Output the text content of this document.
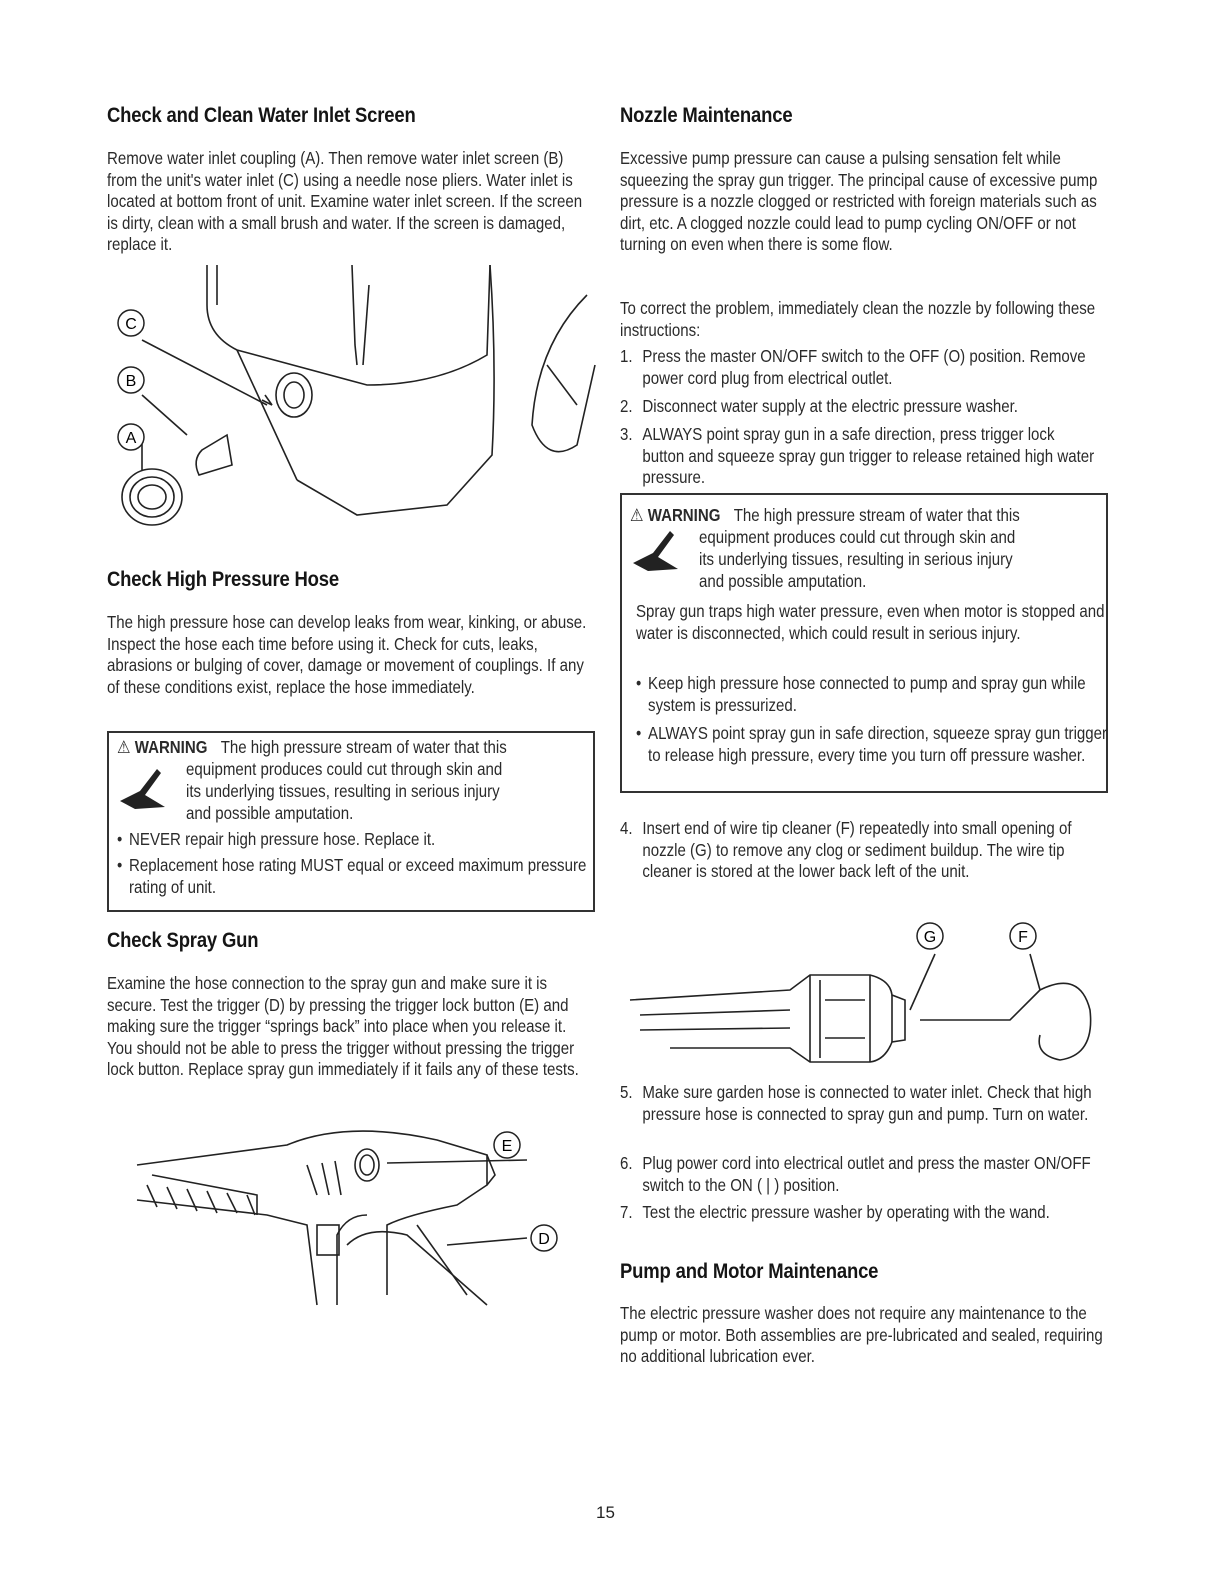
Check and Clean Water Inlet Screen

Remove water inlet coupling (A). Then remove water inlet screen (B) from the unit's water inlet (C) using a needle nose pliers. Water inlet is located at bottom front of unit. Examine water inlet screen. If the screen is dirty, clean with a small brush and water. If the screen is damaged, replace it.

C
B
A
Check High Pressure Hose

The high pressure hose can develop leaks from wear, kinking, or abuse. Inspect the hose each time before using it. Check for cuts, leaks, abrasions or bulging of cover, damage or movement of couplings. If any of these conditions exist, replace the hose immediately.

⚠ WARNING The high pressure stream of water that this
equipment produces could cut through skin and
its underlying tissues, resulting in serious injury
and possible amputation.
• NEVER repair high pressure hose. Replace it.
• Replacement hose rating MUST equal or exceed maximum pressure rating of unit.
Check Spray Gun

Examine the hose connection to the spray gun and make sure it is secure. Test the trigger (D) by pressing the trigger lock button (E) and making sure the trigger “springs back” into place when you release it. You should not be able to press the trigger without pressing the trigger lock button. Replace spray gun immediately if it fails any of these tests.

E
D
Nozzle Maintenance

Excessive pump pressure can cause a pulsing sensation felt while squeezing the spray gun trigger. The principal cause of excessive pump pressure is a nozzle clogged or restricted with foreign materials such as dirt, etc. A clogged nozzle could lead to pump cycling ON/OFF or not turning on even when there is some flow.

To correct the problem, immediately clean the nozzle by following these instructions:

1. Press the master ON/OFF switch to the OFF (O) position. Remove power cord plug from electrical outlet.
2. Disconnect water supply at the electric pressure washer.
3. ALWAYS point spray gun in a safe direction, press trigger lock button and squeeze spray gun trigger to release retained high water pressure.
⚠ WARNING The high pressure stream of water that this
equipment produces could cut through skin and
its underlying tissues, resulting in serious injury
and possible amputation.
Spray gun traps high water pressure, even when motor is stopped and water is disconnected, which could result in serious injury.
• Keep high pressure hose connected to pump and spray gun while system is pressurized.
• ALWAYS point spray gun in safe direction, squeeze spray gun trigger to release high pressure, every time you turn off pressure washer.
4. Insert end of wire tip cleaner (F) repeatedly into small opening of nozzle (G) to remove any clog or sediment buildup. The wire tip cleaner is stored at the lower back left of the unit.
G	F
5. Make sure garden hose is connected to water inlet. Check that high pressure hose is connected to spray gun and pump. Turn on water.
6. Plug power cord into electrical outlet and press the master ON/OFF switch to the ON ( | ) position.
7. Test the electric pressure washer by operating with the wand.
Pump and Motor Maintenance

The electric pressure washer does not require any maintenance to the pump or motor. Both assemblies are pre-lubricated and sealed, requiring no additional lubrication ever.

15
